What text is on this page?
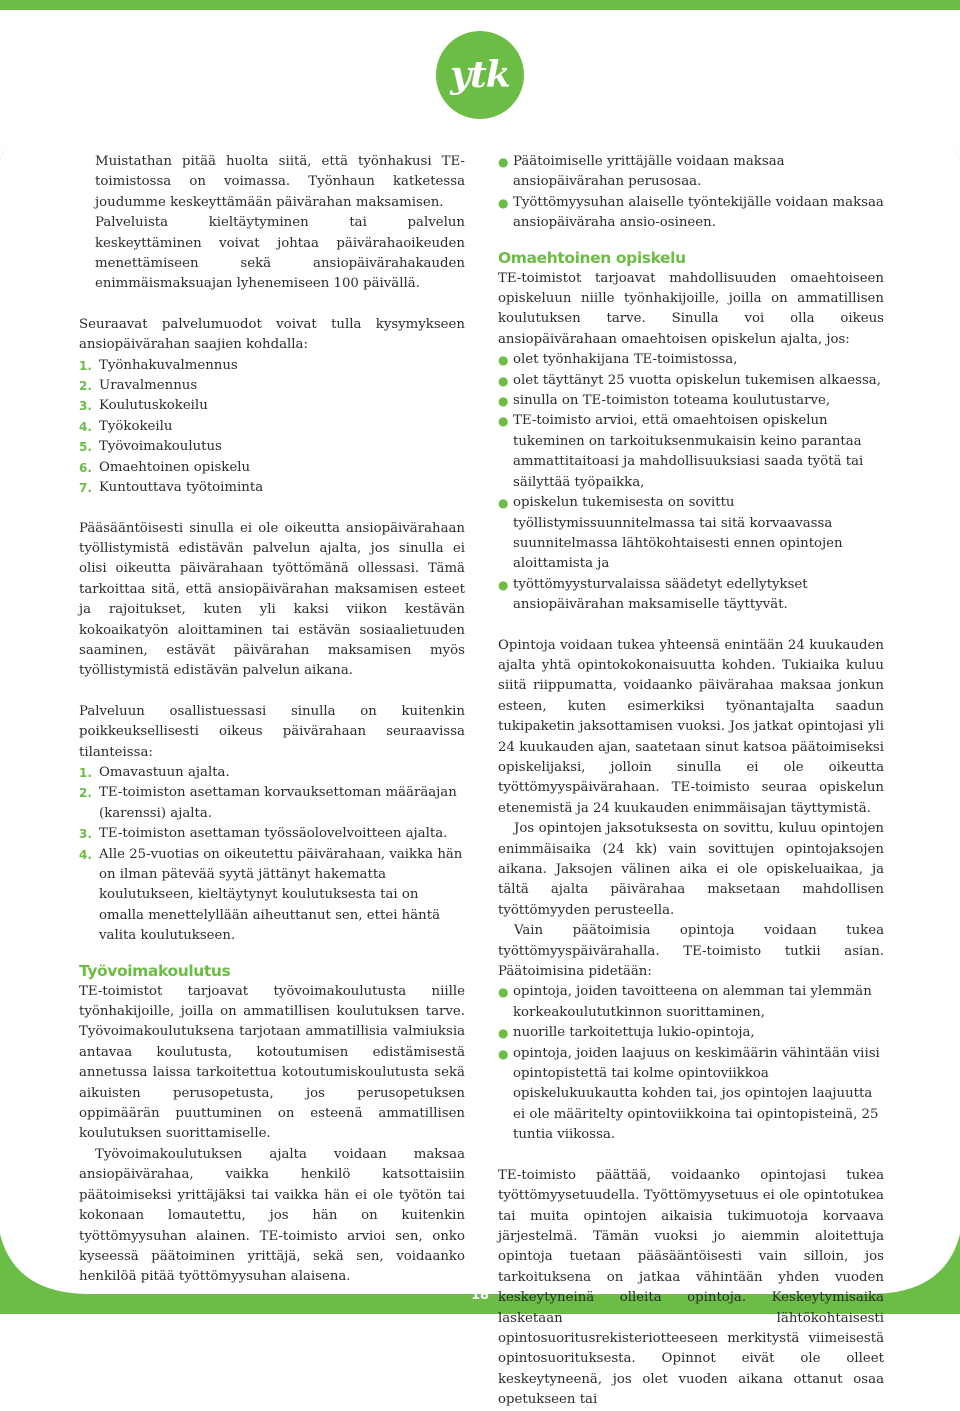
ytk

Muistathan pitää huolta siitä, että työnhakusi TE-toimistossa on voimassa. Työnhaun katketessa joudumme keskeyttämään päivärahan maksamisen.

Palveluista kieltäytyminen tai palvelun keskeyttäminen voivat johtaa päivärahaoikeuden menettämiseen sekä ansiopäivärahakauden enimmäismaksuajan lyhenemiseen 100 päivällä.

Seuraavat palvelumuodot voivat tulla kysymykseen ansiopäivärahan saajien kohdalla:

1. Työnhakuvalmennus
2. Uravalmennus
3. Koulutuskokeilu
4. Työkokeilu
5. Työvoimakoulutus
6. Omaehtoinen opiskelu
7. Kuntouttava työtoiminta

Pääsääntöisesti sinulla ei ole oikeutta ansiopäivärahaan työllistymistä edistävän palvelun ajalta, jos sinulla ei olisi oikeutta päivärahaan työttömänä ollessasi. Tämä tarkoittaa sitä, että ansiopäivärahan maksamisen esteet ja rajoitukset, kuten yli kaksi viikon kestävän kokoaikatyön aloittaminen tai estävän sosiaalietuuden saaminen, estävät päivärahan maksamisen myös työllistymistä edistävän palvelun aikana.

Palveluun osallistuessasi sinulla on kuitenkin poikkeuksellisesti oikeus päivärahaan seuraavissa tilanteissa:

1. Omavastuun ajalta.
2. TE-toimiston asettaman korvauksettoman määräajan (karenssi) ajalta.
3. TE-toimiston asettaman työssäolovelvoitteen ajalta.
4. Alle 25-vuotias on oikeutettu päivärahaan, vaikka hän on ilman pätevää syytä jättänyt hakematta koulutukseen, kieltäytynyt koulutuksesta tai on omalla menettelyllään aiheuttanut sen, ettei häntä valita koulutukseen.
Työvoimakoulutus

TE-toimistot tarjoavat työvoimakoulutusta niille työnhakijoille, joilla on ammatillisen koulutuksen tarve. Työvoimakoulutuksena tarjotaan ammatillisia valmiuksia antavaa koulutusta, kotoutumisen edistämisestä annetussa laissa tarkoitettua kotoutumiskoulutusta sekä aikuisten perusopetusta, jos perusopetuksen oppimäärän puuttuminen on esteenä ammatillisen koulutuksen suorittamiselle.

Työvoimakoulutuksen ajalta voidaan maksaa ansiopäivärahaa, vaikka henkilö katsottaisiin päätoimiseksi yrittäjäksi tai vaikka hän ei ole työtön tai kokonaan lomautettu, jos hän on kuitenkin työttömyysuhan alainen. TE-toimisto arvioi sen, onko kyseessä päätoiminen yrittäjä, sekä sen, voidaanko henkilöä pitää työttömyysuhan alaisena.

● Päätoimiselle yrittäjälle voidaan maksaa ansiopäivärahan perusosaa.
● Työttömyysuhan alaiselle työntekijälle voidaan maksaa ansiopäiväraha ansio-osineen.
Omaehtoinen opiskelu

TE-toimistot tarjoavat mahdollisuuden omaehtoiseen opiskeluun niille työnhakijoille, joilla on ammatillisen koulutuksen tarve. Sinulla voi olla oikeus ansiopäivärahaan omaehtoisen opiskelun ajalta, jos:

● olet työnhakijana TE-toimistossa,
● olet täyttänyt 25 vuotta opiskelun tukemisen alkaessa,
● sinulla on TE-toimiston toteama koulutustarve,
● TE-toimisto arvioi, että omaehtoisen opiskelun tukeminen on tarkoituksenmukaisin keino parantaa ammattitaitoasi ja mahdollisuuksiasi saada työtä tai säilyttää työpaikka,
● opiskelun tukemisesta on sovittu työllistymissuunnitelmassa tai sitä korvaavassa suunnitelmassa lähtökohtaisesti ennen opintojen aloittamista ja
● työttömyysturvalaissa säädetyt edellytykset ansiopäivärahan maksamiselle täyttyvät.

Opintoja voidaan tukea yhteensä enintään 24 kuukauden ajalta yhtä opintokokonaisuutta kohden. Tukiaika kuluu siitä riippumatta, voidaanko päivärahaa maksaa jonkun esteen, kuten esimerkiksi työnantajalta saadun tukipaketin jaksottamisen vuoksi. Jos jatkat opintojasi yli 24 kuukauden ajan, saatetaan sinut katsoa päätoimiseksi opiskelijaksi, jolloin sinulla ei ole oikeutta työttömyyspäivärahaan. TE-toimisto seuraa opiskelun etenemistä ja 24 kuukauden enimmäisajan täyttymistä.

Jos opintojen jaksotuksesta on sovittu, kuluu opintojen enimmäisaika (24 kk) vain sovittujen opintojaksojen aikana. Jaksojen välinen aika ei ole opiskeluaikaa, ja tältä ajalta päivärahaa maksetaan mahdollisen työttömyyden perusteella.

Vain päätoimisia opintoja voidaan tukea työttömyyspäivärahalla. TE-toimisto tutkii asian. Päätoimisina pidetään:

● opintoja, joiden tavoitteena on alemman tai ylemmän korkeakoulututkinnon suorittaminen,
● nuorille tarkoitettuja lukio-opintoja,
● opintoja, joiden laajuus on keskimäärin vähintään viisi opintopistettä tai kolme opintoviikkoa opiskelukuukautta kohden tai, jos opintojen laajuutta ei ole määritelty opintoviikkoina tai opintopisteinä, 25 tuntia viikossa.

TE-toimisto päättää, voidaanko opintojasi tukea työttömyysetuudella. Työttömyysetuus ei ole opintotukea tai muita opintojen aikaisia tukimuotoja korvaava järjestelmä. Tämän vuoksi jo aiemmin aloitettuja opintoja tuetaan pääsääntöisesti vain silloin, jos tarkoituksena on jatkaa vähintään yhden vuoden keskeytyneinä olleita opintoja. Keskeytymisaika lasketaan lähtökohtaisesti opintosuoritusrekisteriotteeseen merkitystä viimeisestä opintosuorituksesta. Opinnot eivät ole olleet keskeytyneenä, jos olet vuoden aikana ottanut osaa opetukseen tai

18
